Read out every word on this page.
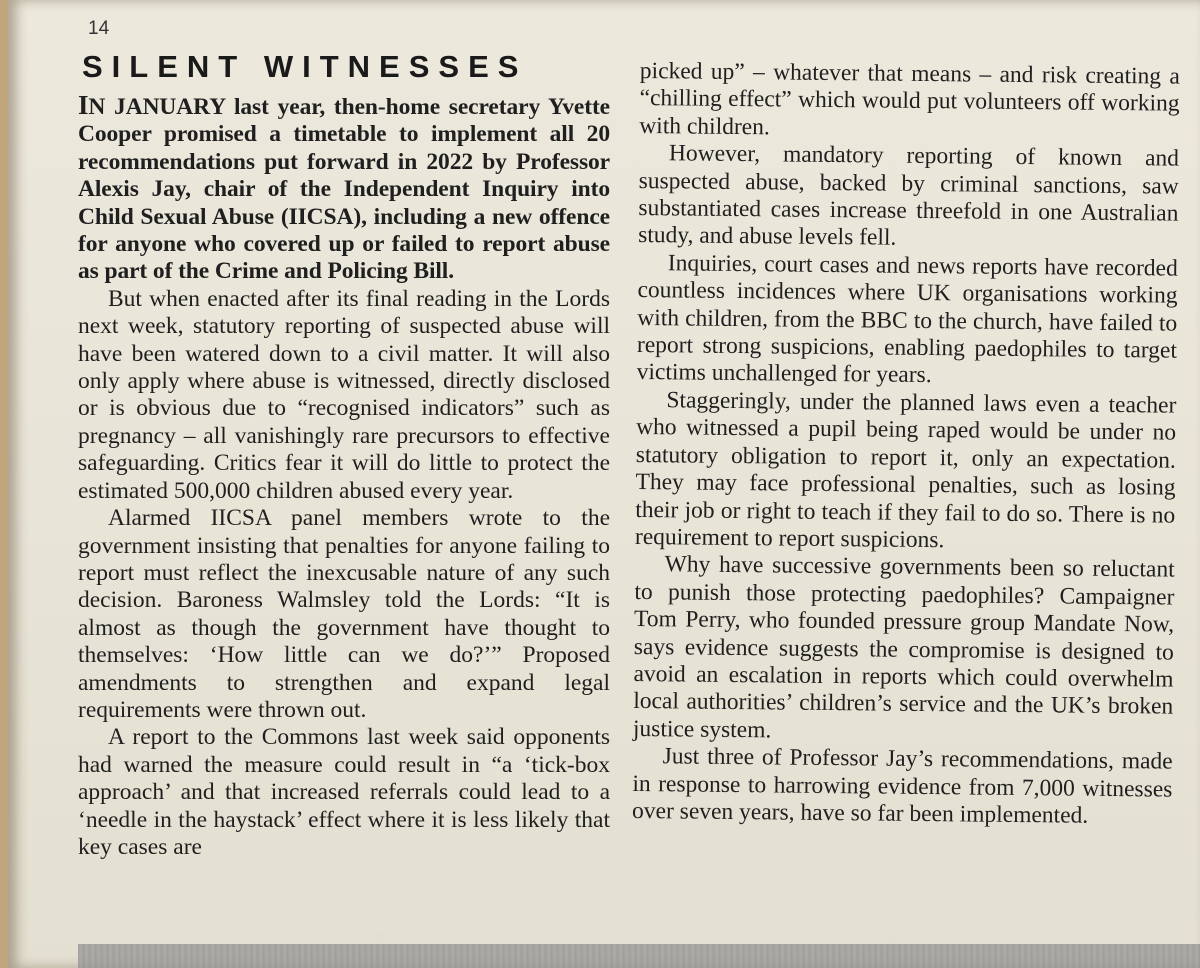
14
SILENT WITNESSES

IN JANUARY last year, then-home secretary Yvette Cooper promised a timetable to implement all 20 recommendations put forward in 2022 by Professor Alexis Jay, chair of the Independent Inquiry into Child Sexual Abuse (IICSA), including a new offence for anyone who covered up or failed to report abuse as part of the Crime and Policing Bill.

But when enacted after its final reading in the Lords next week, statutory reporting of suspected abuse will have been watered down to a civil matter. It will also only apply where abuse is witnessed, directly disclosed or is obvious due to “recognised indicators” such as pregnancy – all vanishingly rare precursors to effective safeguarding. Critics fear it will do little to protect the estimated 500,000 children abused every year.

Alarmed IICSA panel members wrote to the government insisting that penalties for anyone failing to report must reflect the inexcusable nature of any such decision. Baroness Walmsley told the Lords: “It is almost as though the government have thought to themselves: ‘How little can we do?’” Proposed amendments to strengthen and expand legal requirements were thrown out.

A report to the Commons last week said opponents had warned the measure could result in “a ‘tick-box approach’ and that increased referrals could lead to a ‘needle in the haystack’ effect where it is less likely that key cases are

picked up” – whatever that means – and risk creating a “chilling effect” which would put volunteers off working with children.

However, mandatory reporting of known and suspected abuse, backed by criminal sanctions, saw substantiated cases increase threefold in one Australian study, and abuse levels fell.

Inquiries, court cases and news reports have recorded countless incidences where UK organisations working with children, from the BBC to the church, have failed to report strong suspicions, enabling paedophiles to target victims unchallenged for years.

Staggeringly, under the planned laws even a teacher who witnessed a pupil being raped would be under no statutory obligation to report it, only an expectation. They may face professional penalties, such as losing their job or right to teach if they fail to do so. There is no requirement to report suspicions.

Why have successive governments been so reluctant to punish those protecting paedophiles? Campaigner Tom Perry, who founded pressure group Mandate Now, says evidence suggests the compromise is designed to avoid an escalation in reports which could overwhelm local authorities’ children’s service and the UK’s broken justice system.

Just three of Professor Jay’s recommendations, made in response to harrowing evidence from 7,000 witnesses over seven years, have so far been implemented.
